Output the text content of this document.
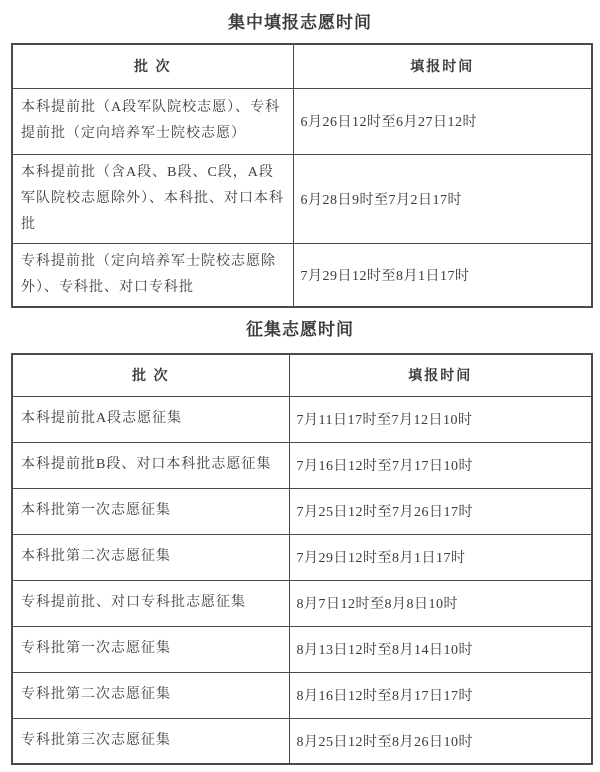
集中填报志愿时间
批 次	填报时间
本科提前批（A段军队院校志愿）、专科提前批（定向培养军士院校志愿）	6月26日12时至6月27日12时
本科提前批（含A段、B段、C段，A段军队院校志愿除外）、本科批、对口本科批	6月28日9时至7月2日17时
专科提前批（定向培养军士院校志愿除外）、专科批、对口专科批	7月29日12时至8月1日17时
征集志愿时间
批 次	填报时间
本科提前批A段志愿征集	7月11日17时至7月12日10时
本科提前批B段、对口本科批志愿征集	7月16日12时至7月17日10时
本科批第一次志愿征集	7月25日12时至7月26日17时
本科批第二次志愿征集	7月29日12时至8月1日17时
专科提前批、对口专科批志愿征集	8月7日12时至8月8日10时
专科批第一次志愿征集	8月13日12时至8月14日10时
专科批第二次志愿征集	8月16日12时至8月17日17时
专科批第三次志愿征集	8月25日12时至8月26日10时
